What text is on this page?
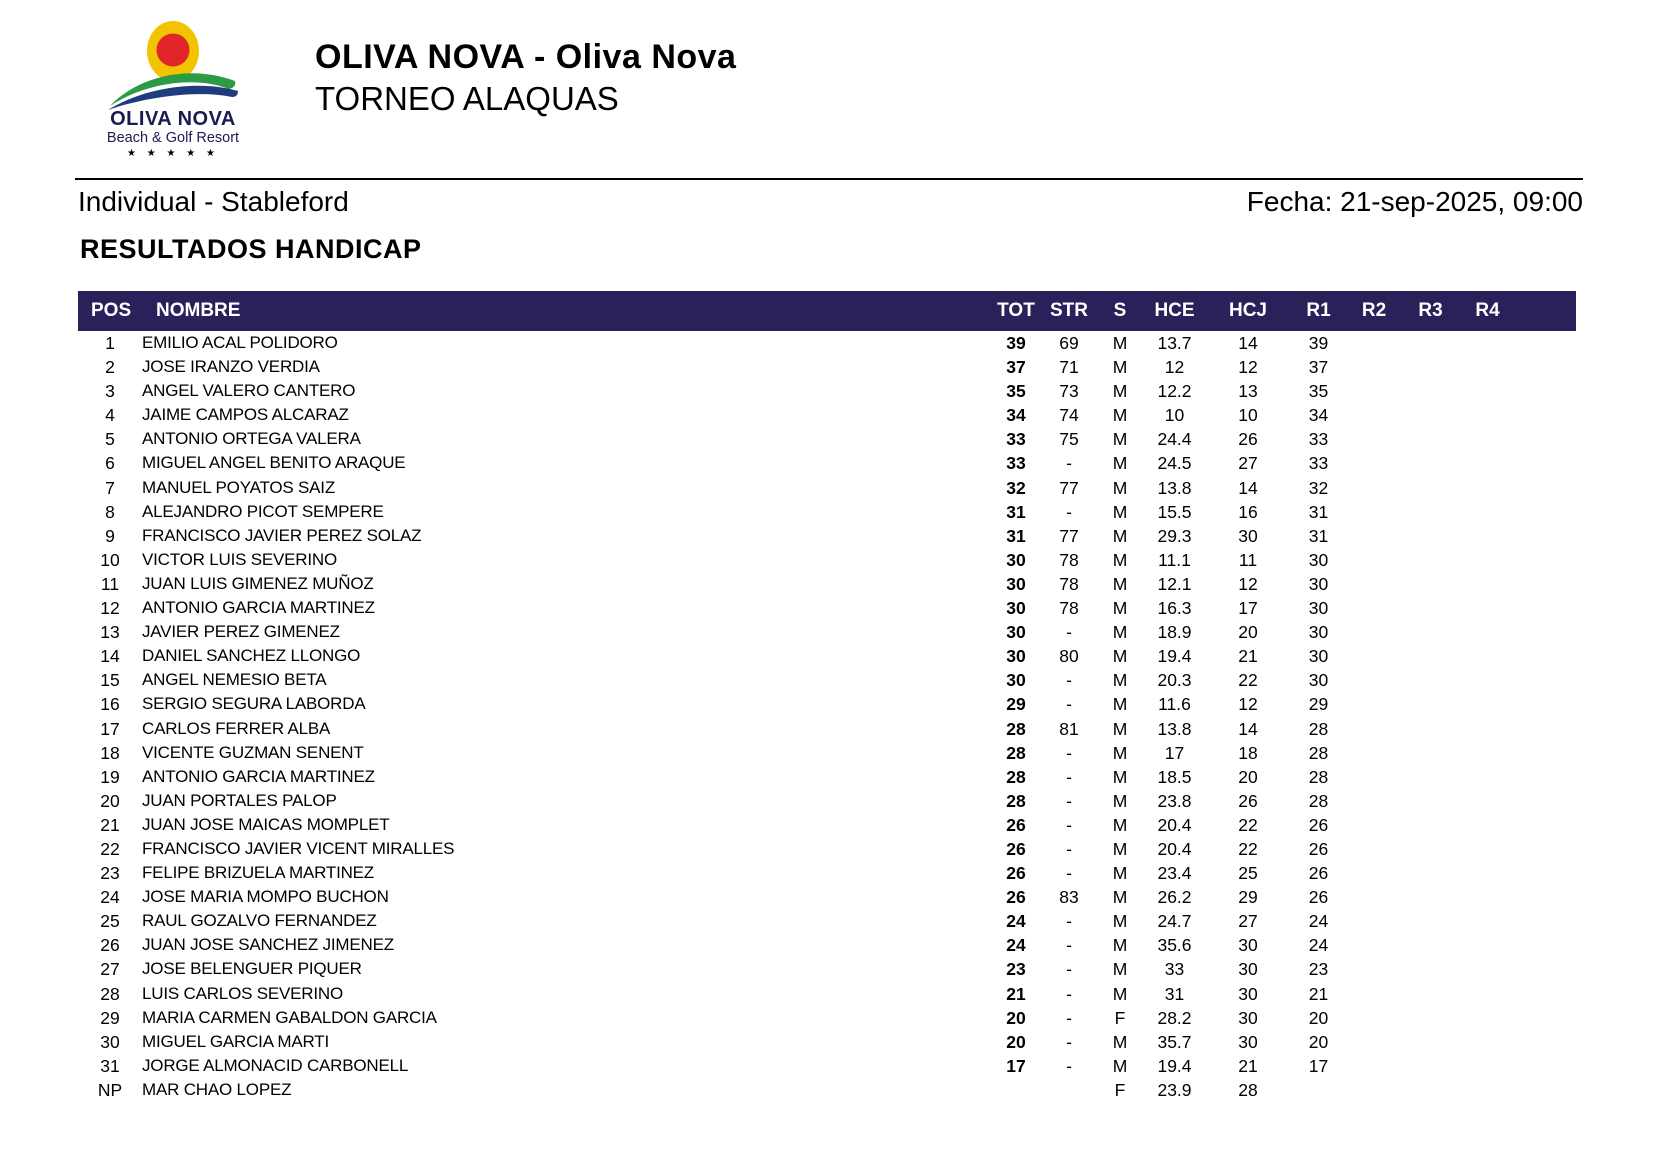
OLIVA NOVA
Beach & Golf Resort
★ ★ ★ ★ ★
OLIVA NOVA - Oliva Nova
TORNEO ALAQUAS
Individual - Stableford	Fecha: 21-sep-2025, 09:00
RESULTADOS HANDICAP
POS	NOMBRE	TOT	STR	S	HCE	HCJ	R1	R2	R3	R4	
1	EMILIO ACAL POLIDORO	39	69	M	13.7	14	39				
2	JOSE IRANZO VERDIA	37	71	M	12	12	37				
3	ANGEL VALERO CANTERO	35	73	M	12.2	13	35				
4	JAIME CAMPOS ALCARAZ	34	74	M	10	10	34				
5	ANTONIO ORTEGA VALERA	33	75	M	24.4	26	33				
6	MIGUEL ANGEL BENITO ARAQUE	33	-	M	24.5	27	33				
7	MANUEL POYATOS SAIZ	32	77	M	13.8	14	32				
8	ALEJANDRO PICOT SEMPERE	31	-	M	15.5	16	31				
9	FRANCISCO JAVIER PEREZ SOLAZ	31	77	M	29.3	30	31				
10	VICTOR LUIS SEVERINO	30	78	M	11.1	11	30				
11	JUAN LUIS GIMENEZ MUÑOZ	30	78	M	12.1	12	30				
12	ANTONIO GARCIA MARTINEZ	30	78	M	16.3	17	30				
13	JAVIER PEREZ GIMENEZ	30	-	M	18.9	20	30				
14	DANIEL SANCHEZ LLONGO	30	80	M	19.4	21	30				
15	ANGEL NEMESIO BETA	30	-	M	20.3	22	30				
16	SERGIO SEGURA LABORDA	29	-	M	11.6	12	29				
17	CARLOS FERRER ALBA	28	81	M	13.8	14	28				
18	VICENTE GUZMAN SENENT	28	-	M	17	18	28				
19	ANTONIO GARCIA MARTINEZ	28	-	M	18.5	20	28				
20	JUAN PORTALES PALOP	28	-	M	23.8	26	28				
21	JUAN JOSE MAICAS MOMPLET	26	-	M	20.4	22	26				
22	FRANCISCO JAVIER VICENT MIRALLES	26	-	M	20.4	22	26				
23	FELIPE BRIZUELA MARTINEZ	26	-	M	23.4	25	26				
24	JOSE MARIA MOMPO BUCHON	26	83	M	26.2	29	26				
25	RAUL GOZALVO FERNANDEZ	24	-	M	24.7	27	24				
26	JUAN JOSE SANCHEZ JIMENEZ	24	-	M	35.6	30	24				
27	JOSE BELENGUER PIQUER	23	-	M	33	30	23				
28	LUIS CARLOS SEVERINO	21	-	M	31	30	21				
29	MARIA CARMEN GABALDON GARCIA	20	-	F	28.2	30	20				
30	MIGUEL GARCIA MARTI	20	-	M	35.7	30	20				
31	JORGE ALMONACID CARBONELL	17	-	M	19.4	21	17				
NP	MAR CHAO LOPEZ			F	23.9	28					
